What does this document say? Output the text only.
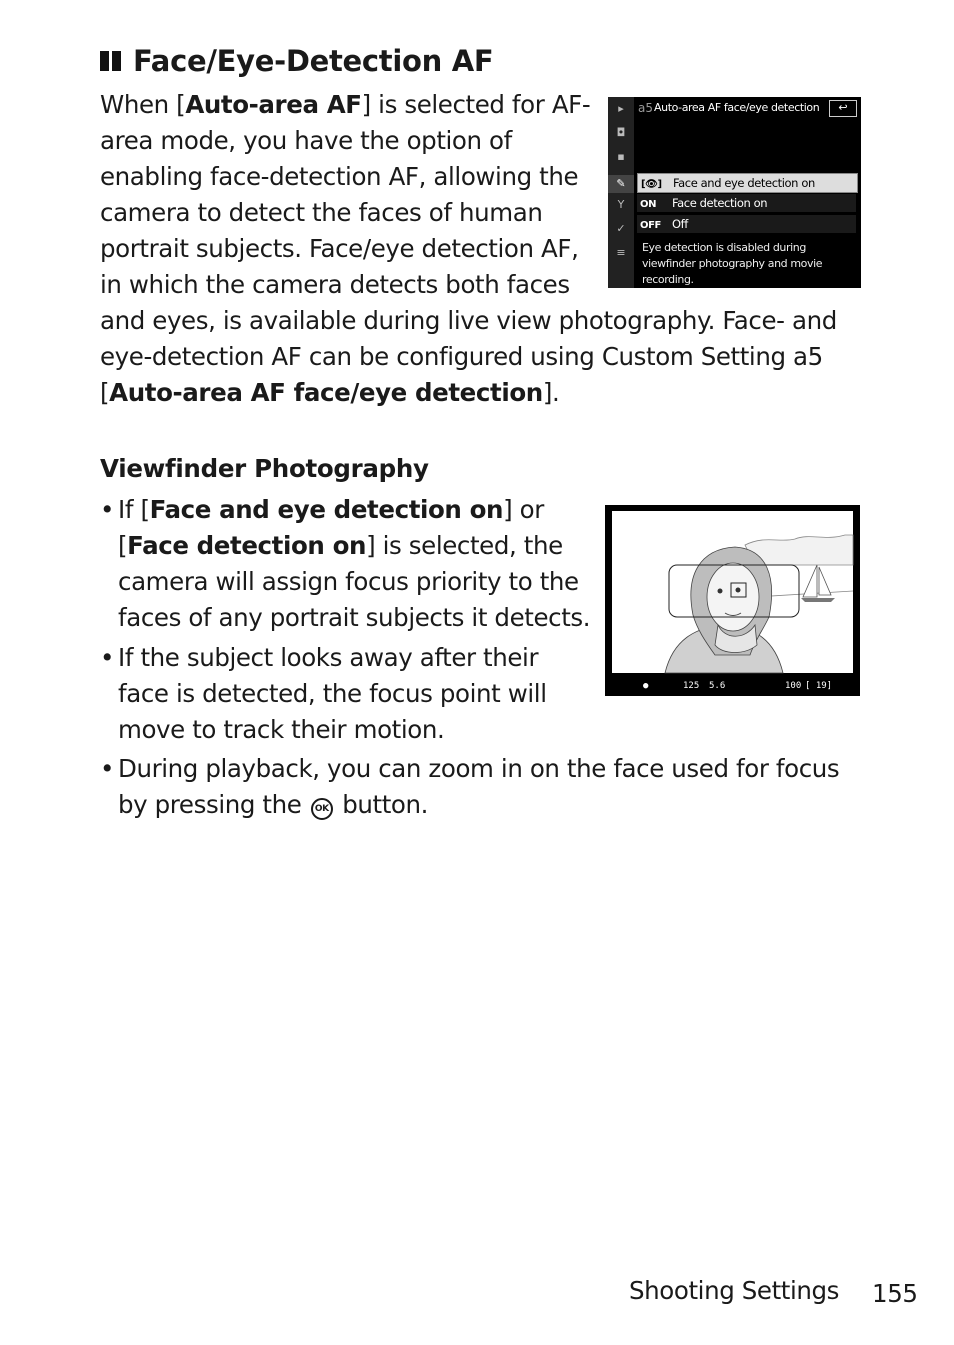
Face/Eye-Detection AF
When [Auto-area AF] is selected for AF-
area mode, you have the option of
enabling face-detection AF, allowing the
camera to detect the faces of human
portrait subjects. Face/eye detection AF,
in which the camera detects both faces
and eyes, is available during live view photography. Face- and
eye-detection AF can be configured using Custom Setting a5
[Auto-area AF face/eye detection].
▸
◘
▪
✎
Y
✓
≡
a5 Auto-area AF face/eye detection	↩
[👁] Face and eye detection on
ON Face detection on
OFF Off
Eye detection is disabled during viewfinder photography and movie recording.
Viewfinder Photography
• If [Face and eye detection on] or
[Face detection on] is selected, the
camera will assign focus priority to the
faces of any portrait subjects it detects.
• If the subject looks away after their
face is detected, the focus point will
move to track their motion.
• During playback, you can zoom in on the face used for focus
by pressing the OK button.
●	125 5.6	100 [ 19]
Shooting Settings 155
